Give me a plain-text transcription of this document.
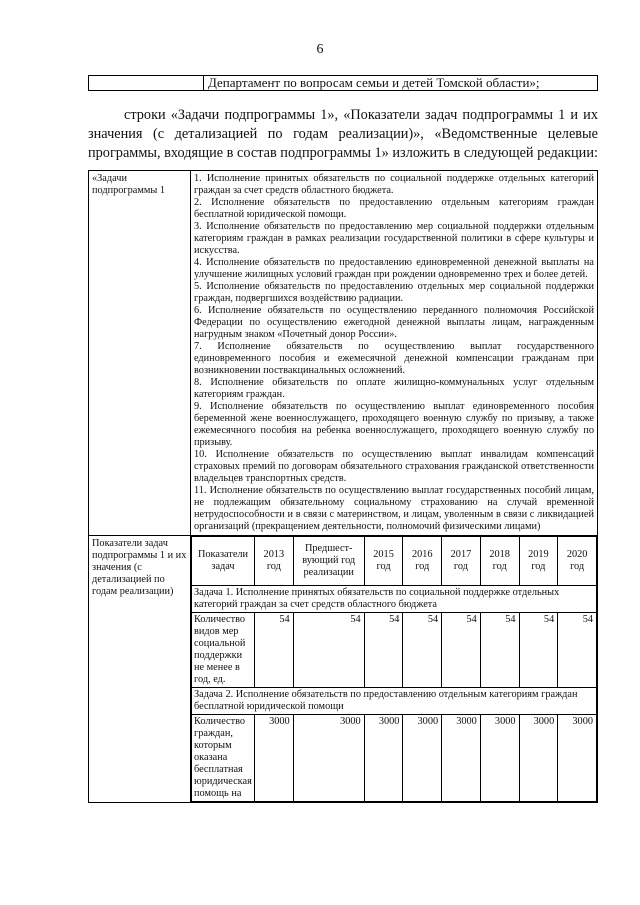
6
	Департамент по вопросам семьи и детей Томской области»;

строки «Задачи подпрограммы 1», «Показатели задач подпрограммы 1 и их значения (с детализацией по годам реализации)», «Ведомственные целевые программы, входящие в состав подпрограммы 1» изложить в следующей редакции:

«Задачи подпрограммы 1	

1. Исполнение принятых обязательств по социальной поддержке отдельных категорий граждан за счет средств областного бюджета.

2. Исполнение обязательств по предоставлению отдельным категориям граждан бесплатной юридической помощи.

3. Исполнение обязательств по предоставлению мер социальной поддержки отдельным категориям граждан в рамках реализации государственной политики в сфере культуры и искусства.

4. Исполнение обязательств по предоставлению единовременной денежной выплаты на улучшение жилищных условий граждан при рождении одновременно трех и более детей.

5. Исполнение обязательств по предоставлению отдельных мер социальной поддержки граждан, подвергшихся воздействию радиации.

6. Исполнение обязательств по осуществлению переданного полномочия Российской Федерации по осуществлению ежегодной денежной выплаты лицам, награжденным нагрудным знаком «Почетный донор России».

7. Исполнение обязательств по осуществлению выплат государственного единовременного пособия и ежемесячной денежной компенсации гражданам при возникновении поствакцинальных осложнений.

8. Исполнение обязательств по оплате жилищно-коммунальных услуг отдельным категориям граждан.

9. Исполнение обязательств по осуществлению выплат единовременного пособия беременной жене военнослужащего, проходящего военную службу по призыву, а также ежемесячного пособия на ребенка военнослужащего, проходящего военную службу по призыву.

10. Исполнение обязательств по осуществлению выплат инвалидам компенсаций страховых премий по договорам обязательного страхования гражданской ответственности владельцев транспортных средств.

11. Исполнение обязательств по осуществлению выплат государственных пособий лицам, не подлежащим обязательному социальному страхованию на случай временной нетрудоспособности и в связи с материнством, и лицам, уволенным в связи с ликвидацией организаций (прекращением деятельности, полномочий физическими лицами)

Показатели задач подпрограммы 1 и их значения (с детализацией по годам реализации)	
Показатели задач	2013 год	Предшест-вующий год реализации	2015 год	2016 год	2017 год	2018 год	2019 год	2020 год
Задача 1. Исполнение принятых обязательств по социальной поддержке отдельных категорий граждан за счет средств областного бюджета
Количество видов мер социальной поддержки не менее в год, ед.	54	54	54	54	54	54	54	54
Задача 2. Исполнение обязательств по предоставлению отдельным категориям граждан бесплатной юридической помощи
Количество граждан, которым оказана бесплатная юридическая помощь на	3000	3000	3000	3000	3000	3000	3000	3000
